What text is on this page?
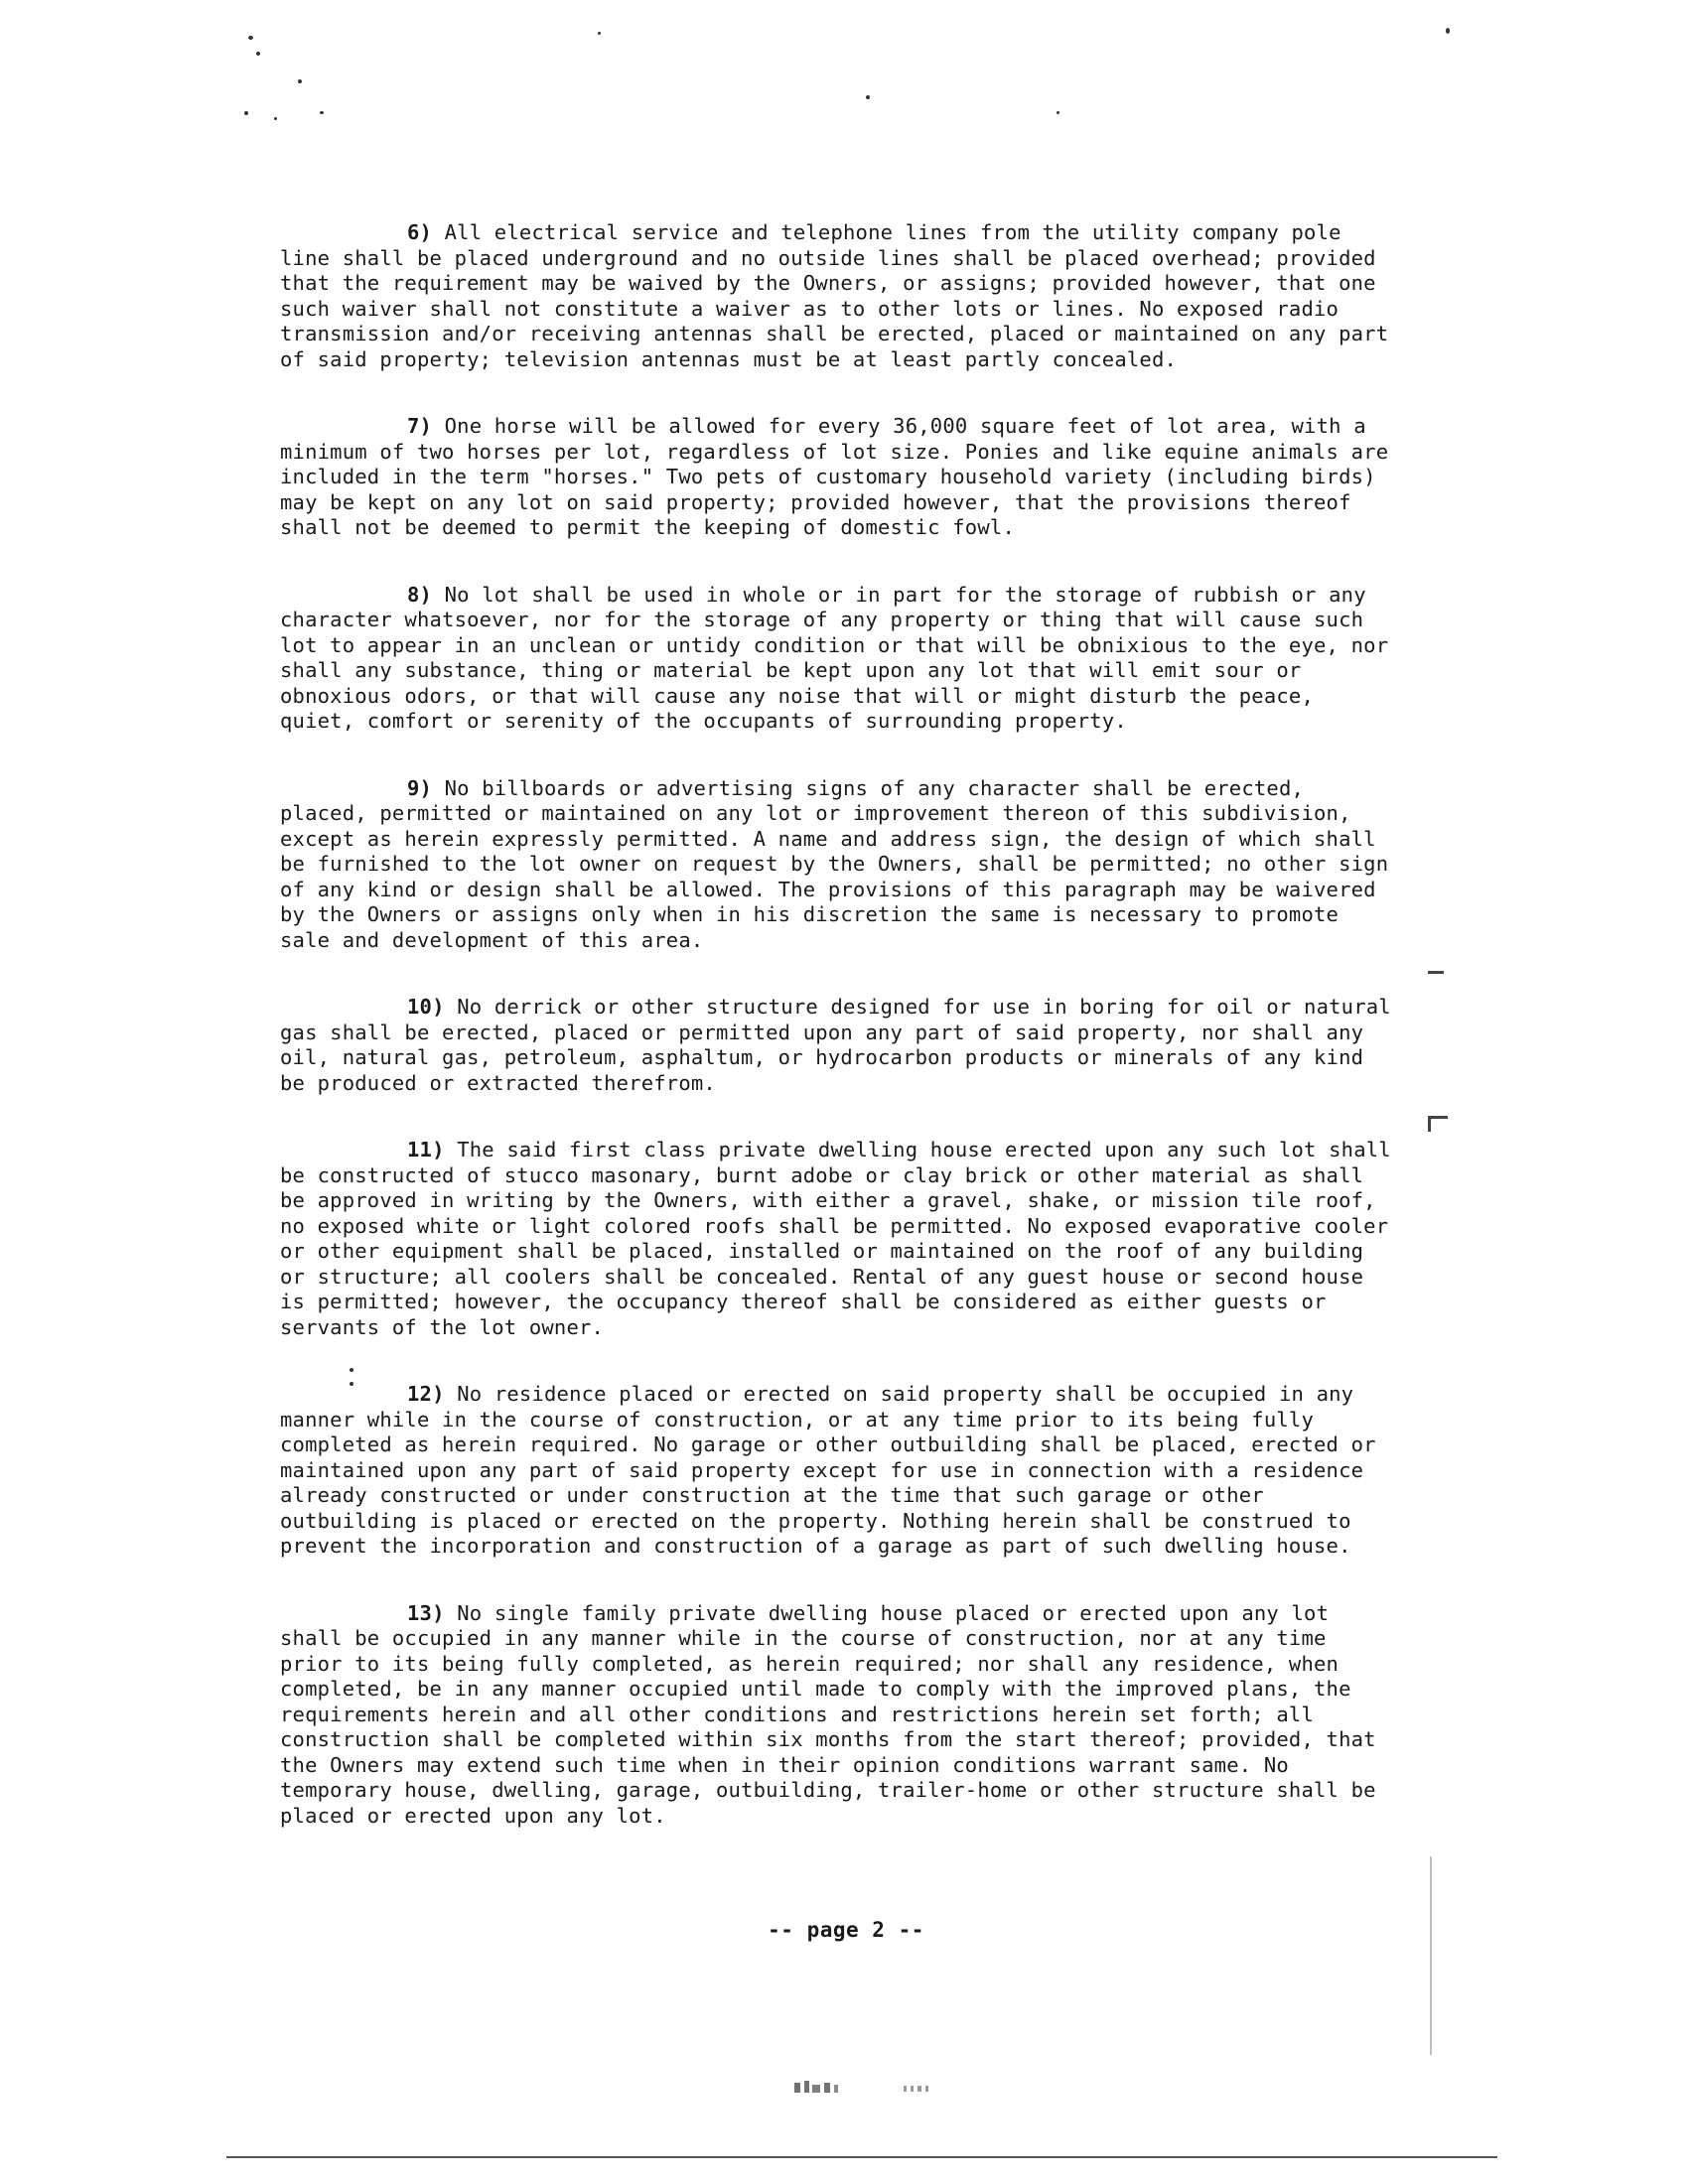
6) All electrical service and telephone lines from the utility company pole line shall be placed underground and no outside lines shall be placed overhead; provided that the requirement may be waived by the Owners, or assigns; provided however, that one such waiver shall not constitute a waiver as to other lots or lines. No exposed radio transmission and/or receiving antennas shall be erected, placed or maintained on any part of said property; television antennas must be at least partly concealed.

7) One horse will be allowed for every 36,000 square feet of lot area, with a minimum of two horses per lot, regardless of lot size. Ponies and like equine animals are included in the term "horses." Two pets of customary household variety (including birds) may be kept on any lot on said property; provided however, that the provisions thereof shall not be deemed to permit the keeping of domestic fowl.

8) No lot shall be used in whole or in part for the storage of rubbish or any character whatsoever, nor for the storage of any property or thing that will cause such lot to appear in an unclean or untidy condition or that will be obnixious to the eye, nor shall any substance, thing or material be kept upon any lot that will emit sour or obnoxious odors, or that will cause any noise that will or might disturb the peace, quiet, comfort or serenity of the occupants of surrounding property.

9) No billboards or advertising signs of any character shall be erected, placed, permitted or maintained on any lot or improvement thereon of this subdivision, except as herein expressly permitted. A name and address sign, the design of which shall be furnished to the lot owner on request by the Owners, shall be permitted; no other sign of any kind or design shall be allowed. The provisions of this paragraph may be waivered by the Owners or assigns only when in his discretion the same is necessary to promote sale and development of this area.

10) No derrick or other structure designed for use in boring for oil or natural gas shall be erected, placed or permitted upon any part of said property, nor shall any oil, natural gas, petroleum, asphaltum, or hydrocarbon products or minerals of any kind be produced or extracted therefrom.

11) The said first class private dwelling house erected upon any such lot shall be constructed of stucco masonary, burnt adobe or clay brick or other material as shall be approved in writing by the Owners, with either a gravel, shake, or mission tile roof, no exposed white or light colored roofs shall be permitted. No exposed evaporative cooler or other equipment shall be placed, installed or maintained on the roof of any building or structure; all coolers shall be concealed. Rental of any guest house or second house is permitted; however, the occupancy thereof shall be considered as either guests or servants of the lot owner.

12) No residence placed or erected on said property shall be occupied in any manner while in the course of construction, or at any time prior to its being fully completed as herein required. No garage or other outbuilding shall be placed, erected or maintained upon any part of said property except for use in connection with a residence already constructed or under construction at the time that such garage or other outbuilding is placed or erected on the property. Nothing herein shall be construed to prevent the incorporation and construction of a garage as part of such dwelling house.

13) No single family private dwelling house placed or erected upon any lot shall be occupied in any manner while in the course of construction, nor at any time prior to its being fully completed, as herein required; nor shall any residence, when completed, be in any manner occupied until made to comply with the improved plans, the requirements herein and all other conditions and restrictions herein set forth; all construction shall be completed within six months from the start thereof; provided, that the Owners may extend such time when in their opinion conditions warrant same. No temporary house, dwelling, garage, outbuilding, trailer-home or other structure shall be placed or erected upon any lot.

-- page 2 --
